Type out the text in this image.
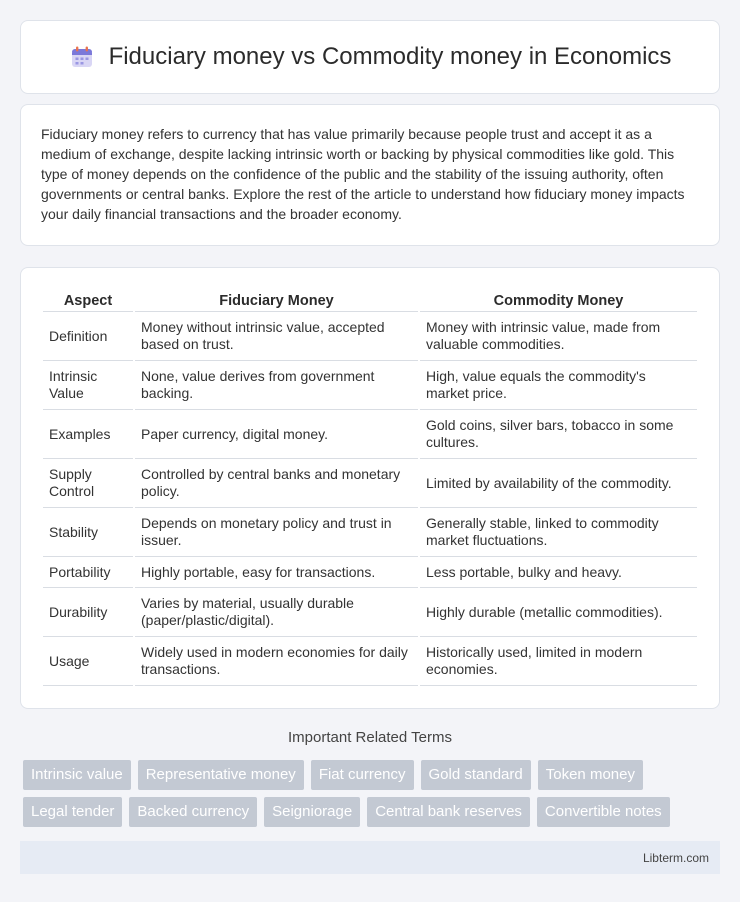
Fiduciary money vs Commodity money in Economics

Fiduciary money refers to currency that has value primarily because people trust and accept it as a medium of exchange, despite lacking intrinsic worth or backing by physical commodities like gold. This type of money depends on the confidence of the public and the stability of the issuing authority, often governments or central banks. Explore the rest of the article to understand how fiduciary money impacts your daily financial transactions and the broader economy.

Aspect	Fiduciary Money	Commodity Money
Definition	Money without intrinsic value, accepted based on trust.	Money with intrinsic value, made from valuable commodities.
Intrinsic Value	None, value derives from government backing.	High, value equals the commodity's market price.
Examples	Paper currency, digital money.	Gold coins, silver bars, tobacco in some cultures.
Supply Control	Controlled by central banks and monetary policy.	Limited by availability of the commodity.
Stability	Depends on monetary policy and trust in issuer.	Generally stable, linked to commodity market fluctuations.
Portability	Highly portable, easy for transactions.	Less portable, bulky and heavy.
Durability	Varies by material, usually durable (paper/plastic/digital).	Highly durable (metallic commodities).
Usage	Widely used in modern economies for daily transactions.	Historically used, limited in modern economies.
Important Related Terms
Intrinsic value	Representative money	Fiat currency	Gold standard	Token money
Legal tender	Backed currency	Seigniorage	Central bank reserves	Convertible notes
Libterm.com
